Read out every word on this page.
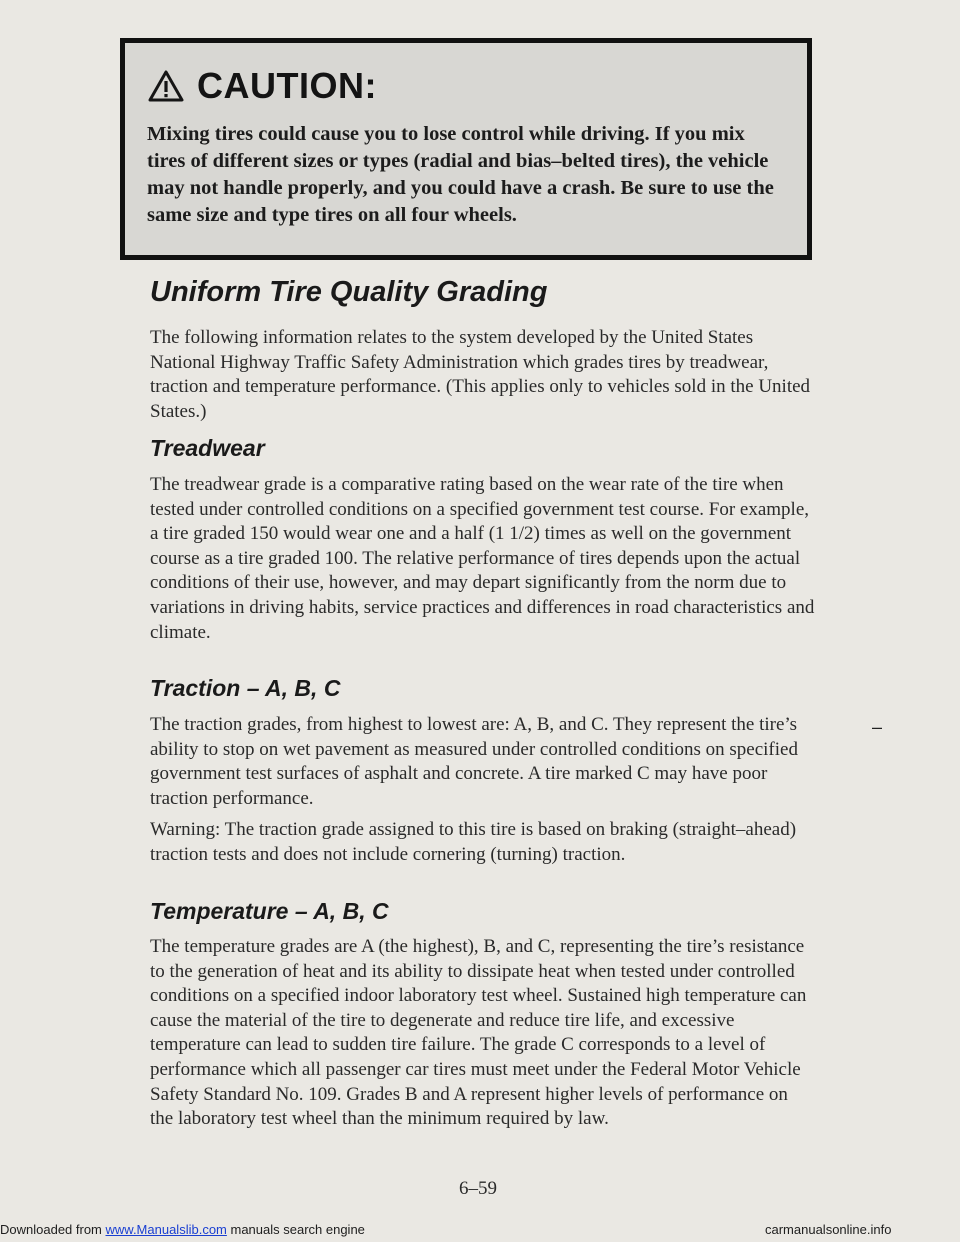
CAUTION:
Mixing tires could cause you to lose control while driving. If you mix tires of different sizes or types (radial and bias–belted tires), the vehicle may not handle properly, and you could have a crash. Be sure to use the same size and type tires on all four wheels.
Uniform Tire Quality Grading

The following information relates to the system developed by the United States National Highway Traffic Safety Administration which grades tires by treadwear, traction and temperature performance. (This applies only to vehicles sold in the United States.)

Treadwear

The treadwear grade is a comparative rating based on the wear rate of the tire when tested under controlled conditions on a specified government test course. For example, a tire graded 150 would wear one and a half (1 1/2) times as well on the government course as a tire graded 100. The relative performance of tires depends upon the actual conditions of their use, however, and may depart significantly from the norm due to variations in driving habits, service practices and differences in road characteristics and climate.

Traction – A, B, C

The traction grades, from highest to lowest are: A, B, and C. They represent the tire’s ability to stop on wet pavement as measured under controlled conditions on specified government test surfaces of asphalt and concrete. A tire marked C may have poor traction performance.

Warning: The traction grade assigned to this tire is based on braking (straight–ahead) traction tests and does not include cornering (turning) traction.

Temperature – A, B, C

The temperature grades are A (the highest), B, and C, representing the tire’s resistance to the generation of heat and its ability to dissipate heat when tested under controlled conditions on a specified indoor laboratory test wheel. Sustained high temperature can cause the material of the tire to degenerate and reduce tire life, and excessive temperature can lead to sudden tire failure. The grade C corresponds to a level of performance which all passenger car tires must meet under the Federal Motor Vehicle Safety Standard No. 109. Grades B and A represent higher levels of performance on the laboratory test wheel than the minimum required by law.

–
6–59
Downloaded from www.Manualslib.com manuals search engine	carmanualsonline.info
